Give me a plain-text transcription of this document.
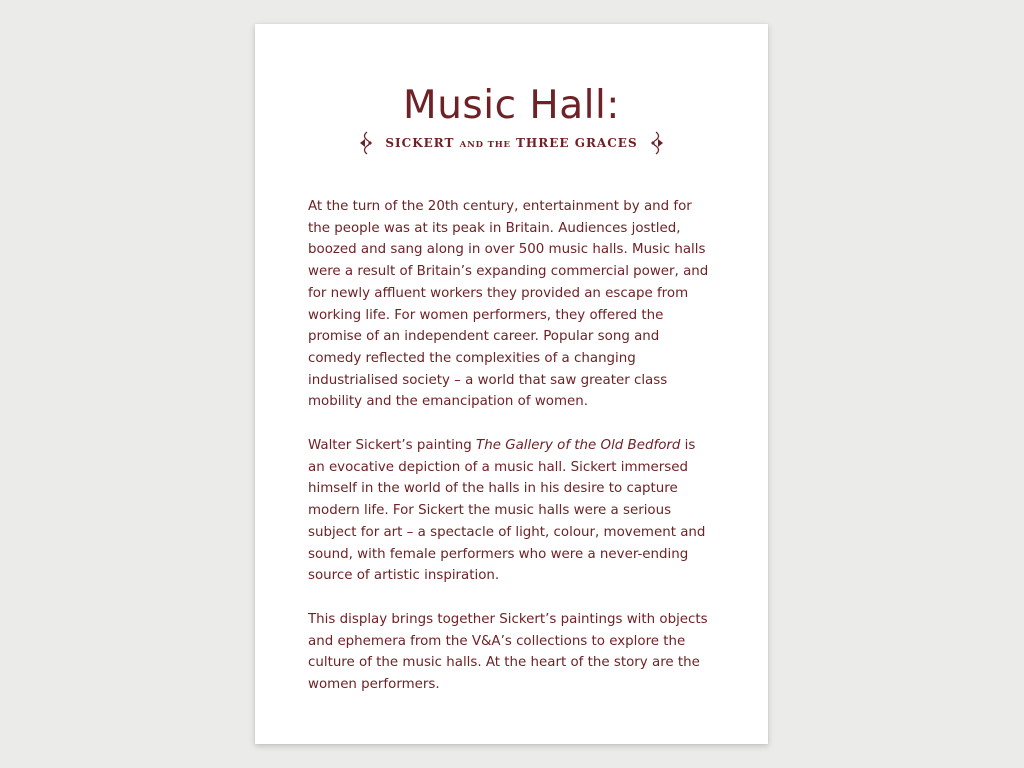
Music Hall:
SICKERT AND THE THREE GRACES

At the turn of the 20th century, entertainment by and for
the people was at its peak in Britain. Audiences jostled,
boozed and sang along in over 500 music halls. Music halls
were a result of Britain’s expanding commercial power, and
for newly affluent workers they provided an escape from
working life. For women performers, they offered the
promise of an independent career. Popular song and
comedy reflected the complexities of a changing
industrialised society – a world that saw greater class
mobility and the emancipation of women.

Walter Sickert’s painting The Gallery of the Old Bedford is
an evocative depiction of a music hall. Sickert immersed
himself in the world of the halls in his desire to capture
modern life. For Sickert the music halls were a serious
subject for art – a spectacle of light, colour, movement and
sound, with female performers who were a never-ending
source of artistic inspiration.

This display brings together Sickert’s paintings with objects
and ephemera from the V&A’s collections to explore the
culture of the music halls. At the heart of the story are the
women performers.
